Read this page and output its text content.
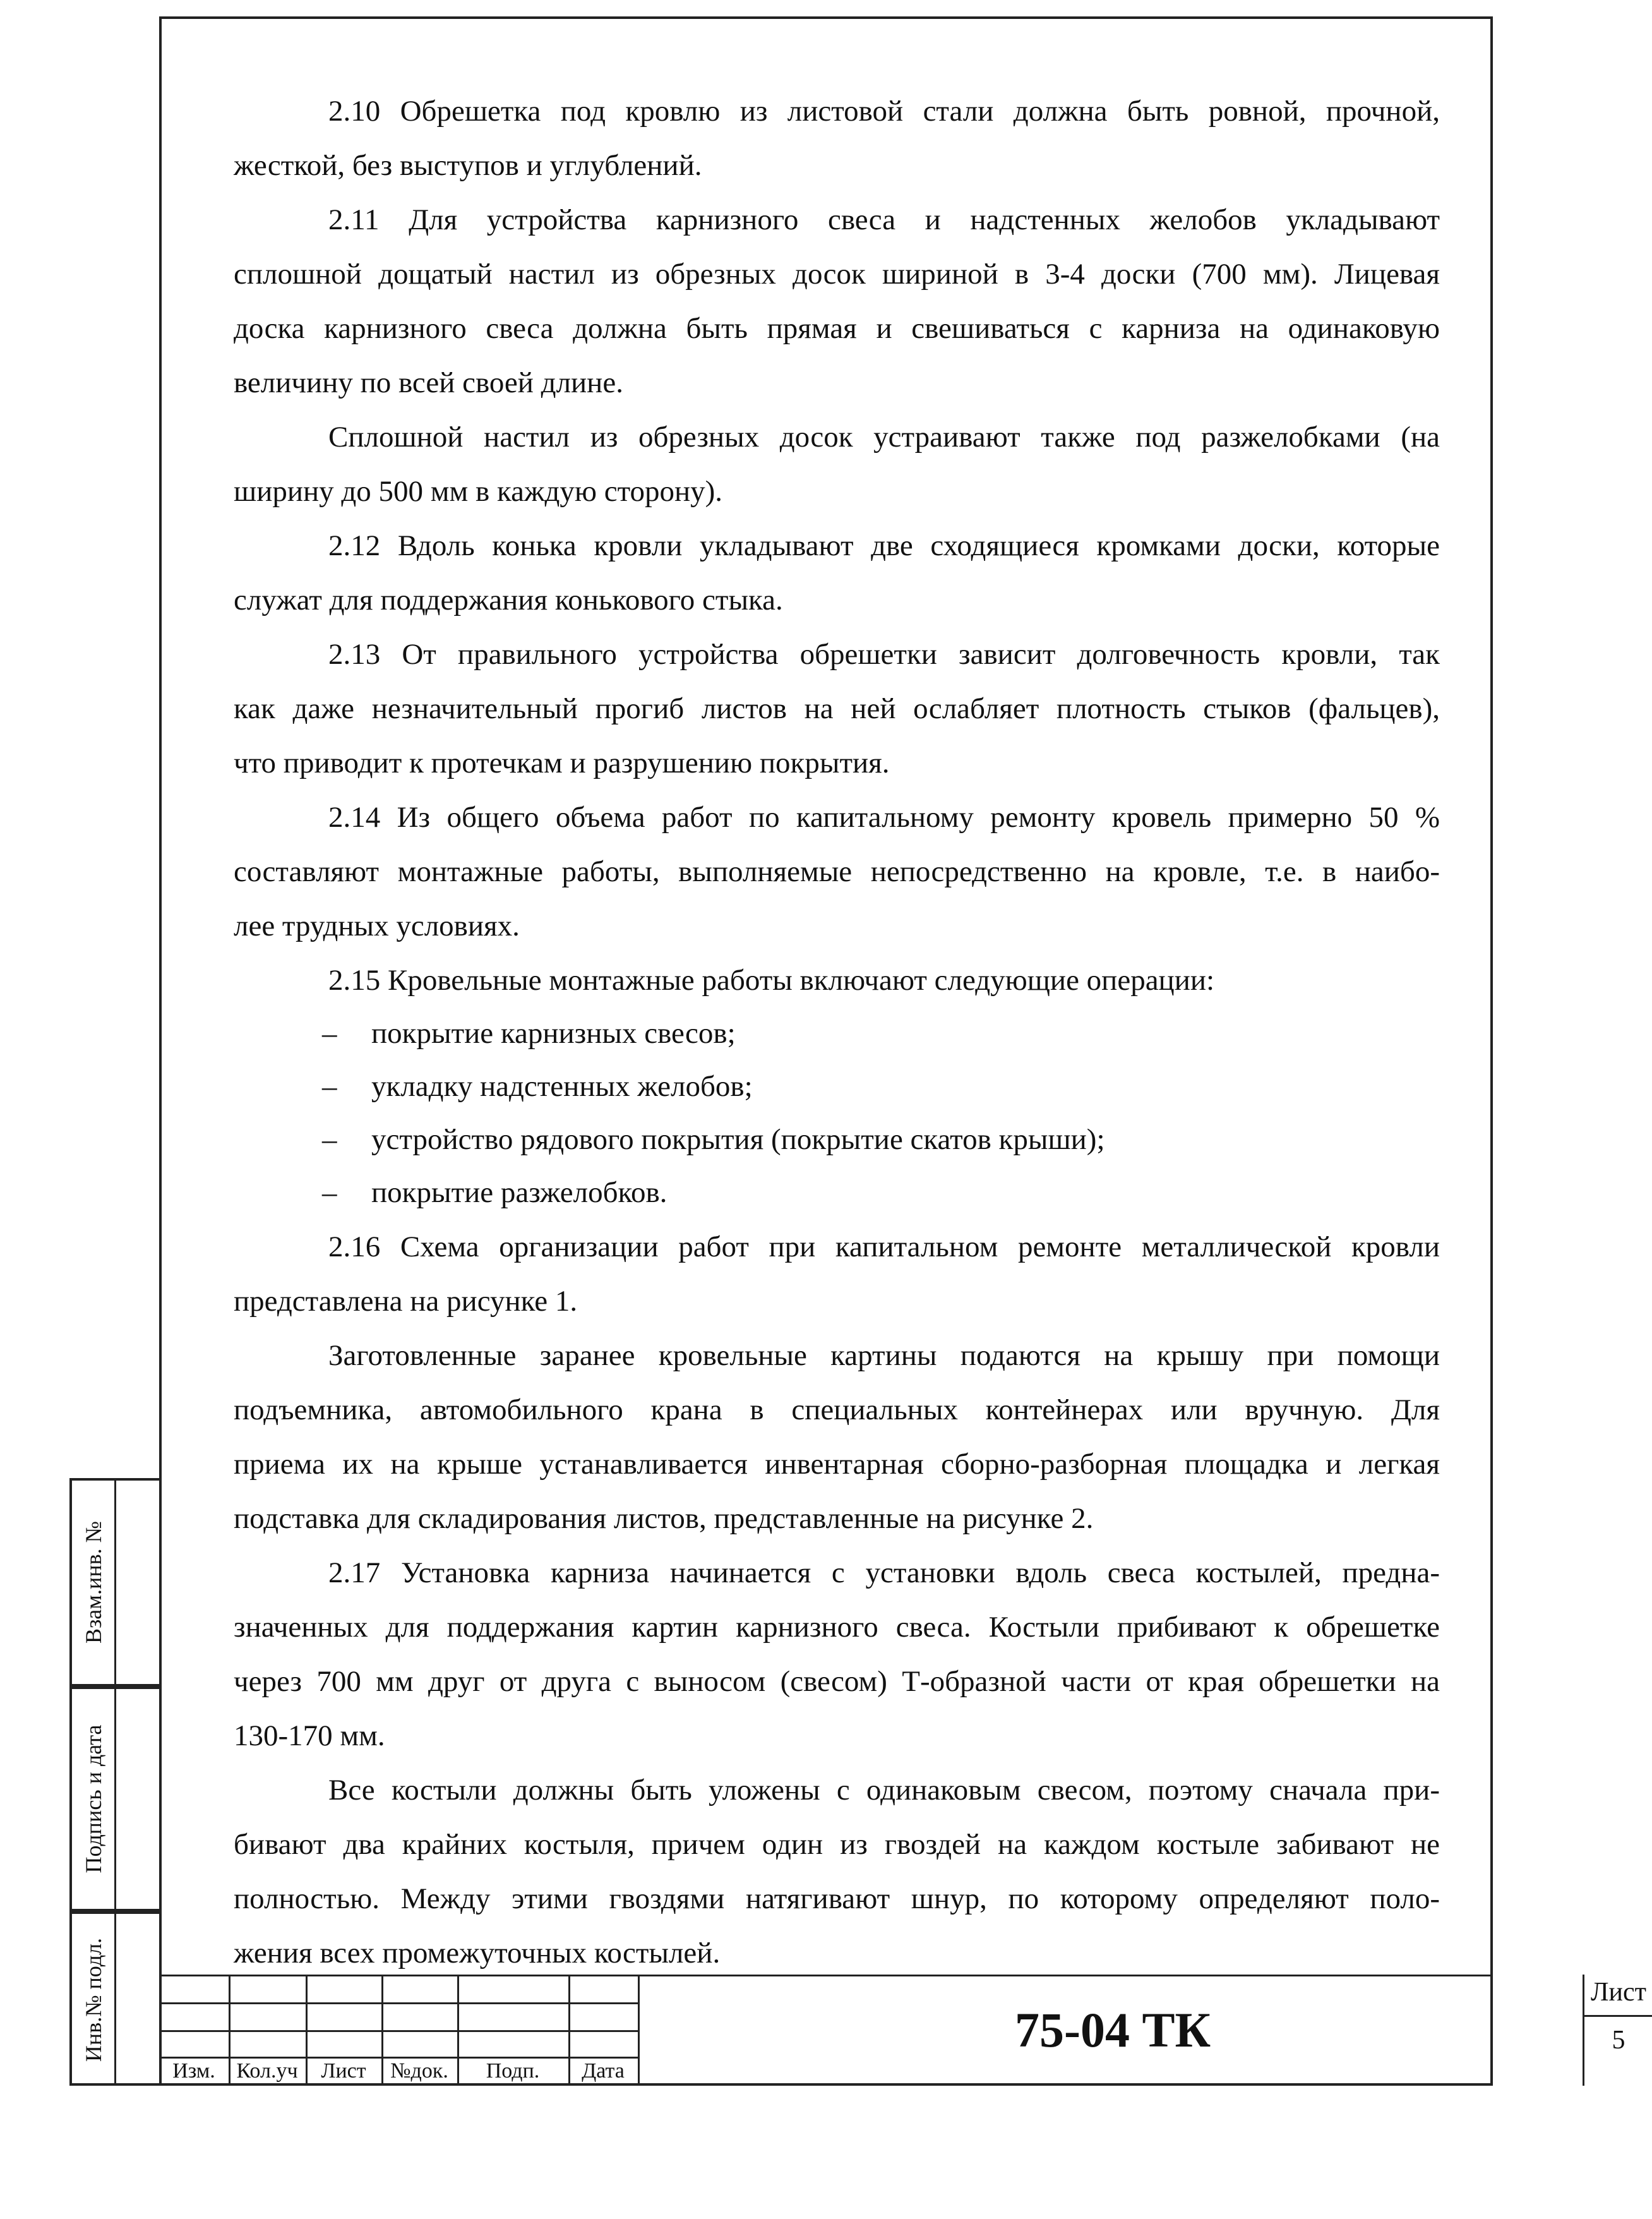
2.10 Обрешетка под кровлю из листовой стали должна быть ровной, прочной,
жесткой, без выступов и углублений.
2.11 Для устройства карнизного свеса и надстенных желобов укладывают
сплошной дощатый настил из обрезных досок шириной в 3-4 доски (700 мм). Лицевая
доска карнизного свеса должна быть прямая и свешиваться с карниза на одинаковую
величину по всей своей длине.
Сплошной настил из обрезных досок устраивают также под разжелобками (на
ширину до 500 мм в каждую сторону).
2.12 Вдоль конька кровли укладывают две сходящиеся кромками доски, которые
служат для поддержания конькового стыка.
2.13 От правильного устройства обрешетки зависит долговечность кровли, так
как даже незначительный прогиб листов на ней ослабляет плотность стыков (фальцев),
что приводит к протечкам и разрушению покрытия.
2.14 Из общего объема работ по капитальному ремонту кровель примерно 50 %
составляют монтажные работы, выполняемые непосредственно на кровле, т.е. в наибо-
лее трудных условиях.
2.15 Кровельные монтажные работы включают следующие операции:
– покрытие карнизных свесов;
– укладку надстенных желобов;
– устройство рядового покрытия (покрытие скатов крыши);
– покрытие разжелобков.
2.16 Схема организации работ при капитальном ремонте металлической кровли
представлена на рисунке 1.
Заготовленные заранее кровельные картины подаются на крышу при помощи
подъемника, автомобильного крана в специальных контейнерах или вручную. Для
приема их на крыше устанавливается инвентарная сборно-разборная площадка и легкая
подставка для складирования листов, представленные на рисунке 2.
2.17 Установка карниза начинается с установки вдоль свеса костылей, предна-
значенных для поддержания картин карнизного свеса. Костыли прибивают к обрешетке
через 700 мм друг от друга с выносом (свесом) Т-образной части от края обрешетки на
130-170 мм.
Все костыли должны быть уложены с одинаковым свесом, поэтому сначала при-
бивают два крайних костыля, причем один из гвоздей на каждом костыле забивают не
полностью. Между этими гвоздями натягивают шнур, по которому определяют поло-
жения всех промежуточных костылей.
Взам.инв. №
Подпись и дата
Инв.№ подл.
Изм. Кол.уч	Лист	№док.	Подп.	Дата
75-04 ТК
Лист
5
